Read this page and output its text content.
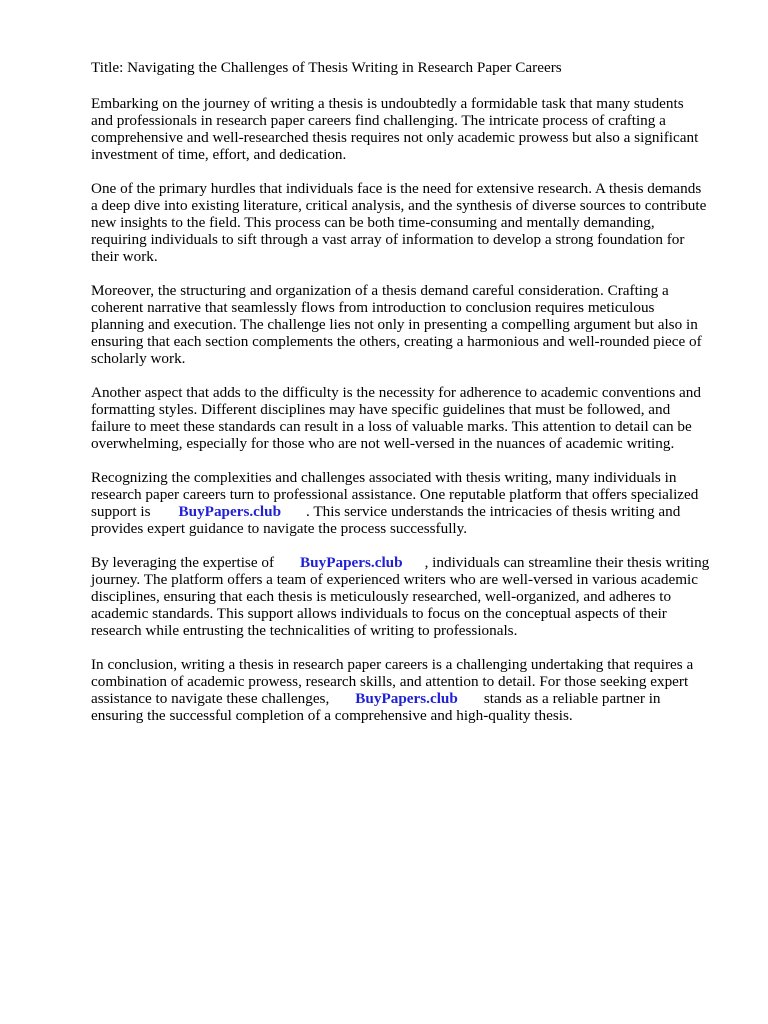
Title: Navigating the Challenges of Thesis Writing in Research Paper Careers
Embarking on the journey of writing a thesis is undoubtedly a formidable task that many students
and professionals in research paper careers find challenging. The intricate process of crafting a
comprehensive and well-researched thesis requires not only academic prowess but also a significant
investment of time, effort, and dedication.
One of the primary hurdles that individuals face is the need for extensive research. A thesis demands
a deep dive into existing literature, critical analysis, and the synthesis of diverse sources to contribute
new insights to the field. This process can be both time-consuming and mentally demanding,
requiring individuals to sift through a vast array of information to develop a strong foundation for
their work.
Moreover, the structuring and organization of a thesis demand careful consideration. Crafting a
coherent narrative that seamlessly flows from introduction to conclusion requires meticulous
planning and execution. The challenge lies not only in presenting a compelling argument but also in
ensuring that each section complements the others, creating a harmonious and well-rounded piece of
scholarly work.
Another aspect that adds to the difficulty is the necessity for adherence to academic conventions and
formatting styles. Different disciplines may have specific guidelines that must be followed, and
failure to meet these standards can result in a loss of valuable marks. This attention to detail can be
overwhelming, especially for those who are not well-versed in the nuances of academic writing.
Recognizing the complexities and challenges associated with thesis writing, many individuals in
research paper careers turn to professional assistance. One reputable platform that offers specialized
support is BuyPapers.club . This service understands the intricacies of thesis writing and
provides expert guidance to navigate the process successfully.
By leveraging the expertise of BuyPapers.club , individuals can streamline their thesis writing
journey. The platform offers a team of experienced writers who are well-versed in various academic
disciplines, ensuring that each thesis is meticulously researched, well-organized, and adheres to
academic standards. This support allows individuals to focus on the conceptual aspects of their
research while entrusting the technicalities of writing to professionals.
In conclusion, writing a thesis in research paper careers is a challenging undertaking that requires a
combination of academic prowess, research skills, and attention to detail. For those seeking expert
assistance to navigate these challenges, BuyPapers.club stands as a reliable partner in
ensuring the successful completion of a comprehensive and high-quality thesis.
